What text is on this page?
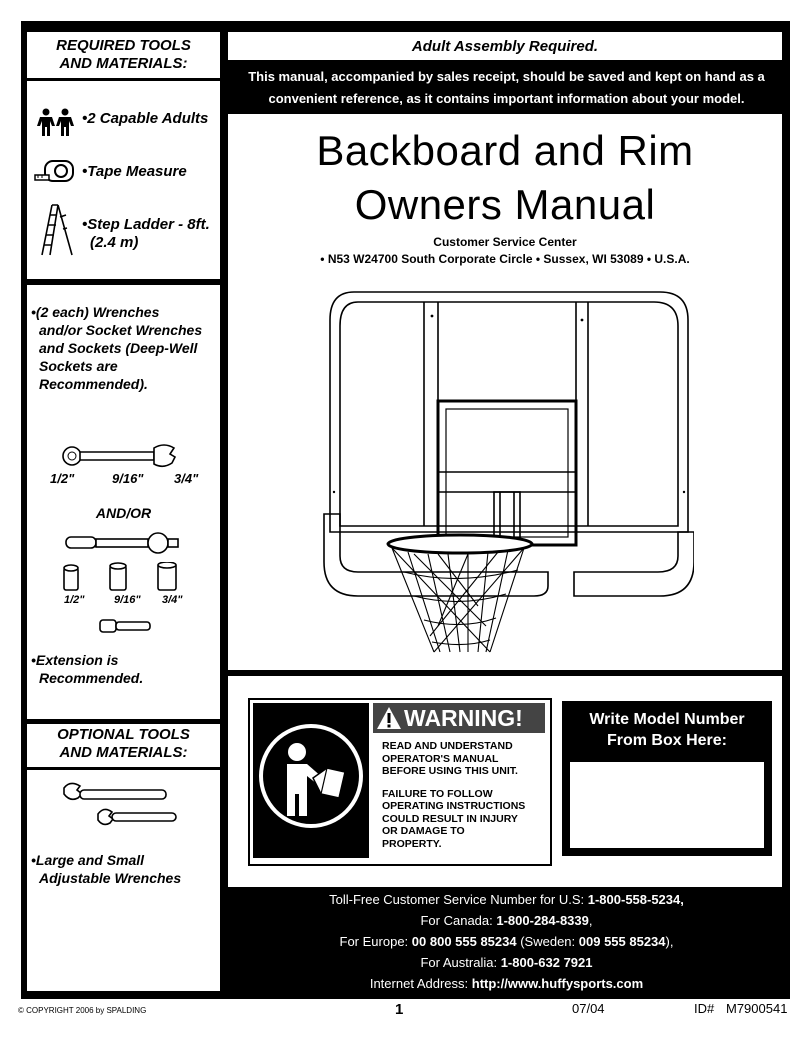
REQUIRED TOOLS
AND MATERIALS:
•2 Capable Adults
•Tape Measure
•Step Ladder - 8ft.
(2.4 m)
•(2 each) Wrenches
and/or Socket Wrenches
and Sockets (Deep-Well
Sockets are
Recommended).
1/2"	9/16" 3/4"
AND/OR
1/2"	9/16" 3/4"
•Extension is
Recommended.
OPTIONAL TOOLS
AND MATERIALS:
•Large and Small
Adjustable Wrenches
Adult Assembly Required.
This manual, accompanied by sales receipt, should be saved and kept on hand as a
convenient reference, as it contains important information about your model.
Backboard and Rim
Owners Manual
Customer Service Center
• N53 W24700 South Corporate Circle • Sussex, WI 53089 • U.S.A.
WARNING!
READ AND UNDERSTAND
OPERATOR'S MANUAL
BEFORE USING THIS UNIT.
FAILURE TO FOLLOW
OPERATING INSTRUCTIONS
COULD RESULT IN INJURY
OR DAMAGE TO
PROPERTY.
Write Model Number
From Box Here:
Toll-Free Customer Service Number for U.S: 1-800-558-5234,
For Canada: 1-800-284-8339,
For Europe: 00 800 555 85234 (Sweden: 009 555 85234),
For Australia: 1-800-632 7921
Internet Address: http://www.huffysports.com
© COPYRIGHT 2006 by SPALDING	1	07/04	ID# M7900541
